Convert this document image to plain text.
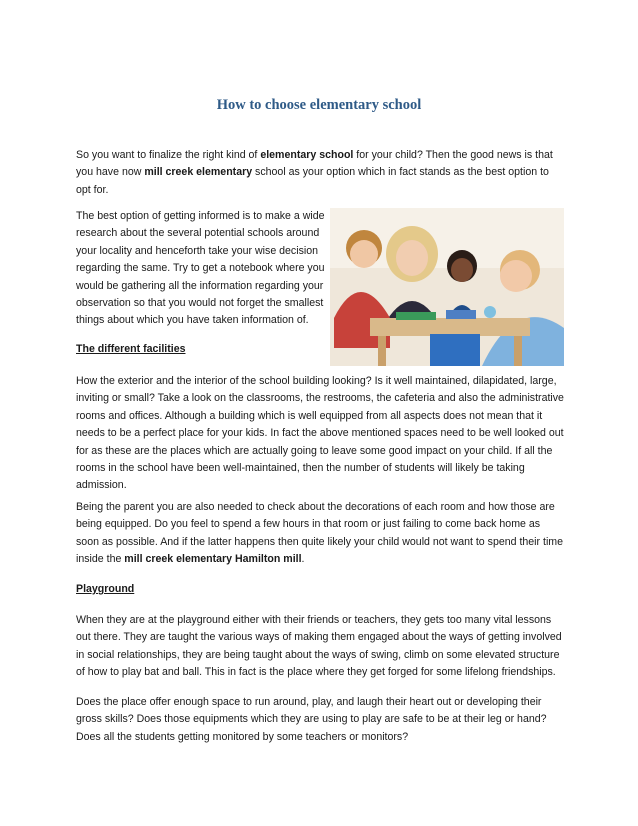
How to choose elementary school

So you want to finalize the right kind of elementary school for your child? Then the good news is that you have now mill creek elementary school as your option which in fact stands as the best option to opt for.

The best option of getting informed is to make a wide research about the several potential schools around your locality and henceforth take your wise decision regarding the same. Try to get a notebook where you would be gathering all the information regarding your observation so that you would not forget the smallest things about which you have taken information of.

The different facilities

How the exterior and the interior of the school building looking? Is it well maintained, dilapidated, large, inviting or small? Take a look on the classrooms, the restrooms, the cafeteria and also the administrative rooms and offices. Although a building which is well equipped from all aspects does not mean that it needs to be a perfect place for your kids. In fact the above mentioned spaces need to be well looked out for as these are the places which are actually going to leave some good impact on your child. If all the rooms in the school have been well-maintained, then the number of students will likely be taking admission.

Being the parent you are also needed to check about the decorations of each room and how those are being equipped. Do you feel to spend a few hours in that room or just failing to come back home as soon as possible. And if the latter happens then quite likely your child would not want to spend their time inside the mill creek elementary Hamilton mill.

Playground

When they are at the playground either with their friends or teachers, they gets too many vital lessons out there. They are taught the various ways of making them engaged about the ways of getting involved in social relationships, they are being taught about the ways of swing, climb on some elevated structure of how to play bat and ball. This in fact is the place where they get forged for some lifelong friendships.

Does the place offer enough space to run around, play, and laugh their heart out or developing their gross skills? Does those equipments which they are using to play are safe to be at their leg or hand? Does all the students getting monitored by some teachers or monitors?
